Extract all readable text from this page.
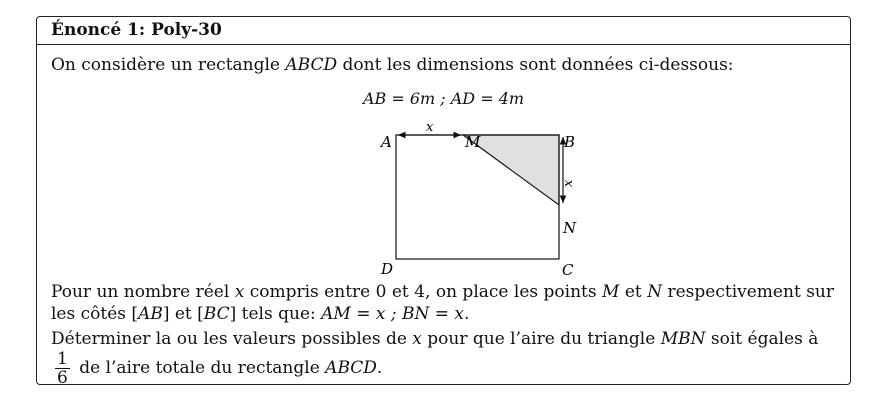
Énoncé 1: Poly-30
On considère un rectangle ABCD dont les dimensions sont données ci-dessous:
AB = 6m ; AD = 4m
A	M	B
N
D	C
x
x
Pour un nombre réel x compris entre 0 et 4, on place les points M et N respectivement sur les côtés [AB] et [BC] tels que: AM = x ; BN = x.
Déterminer la ou les valeurs possibles de x pour que l’aire du triangle MBN soit égales à
$\frac{1}{6}$ de l’aire totale du rectangle ABCD.
